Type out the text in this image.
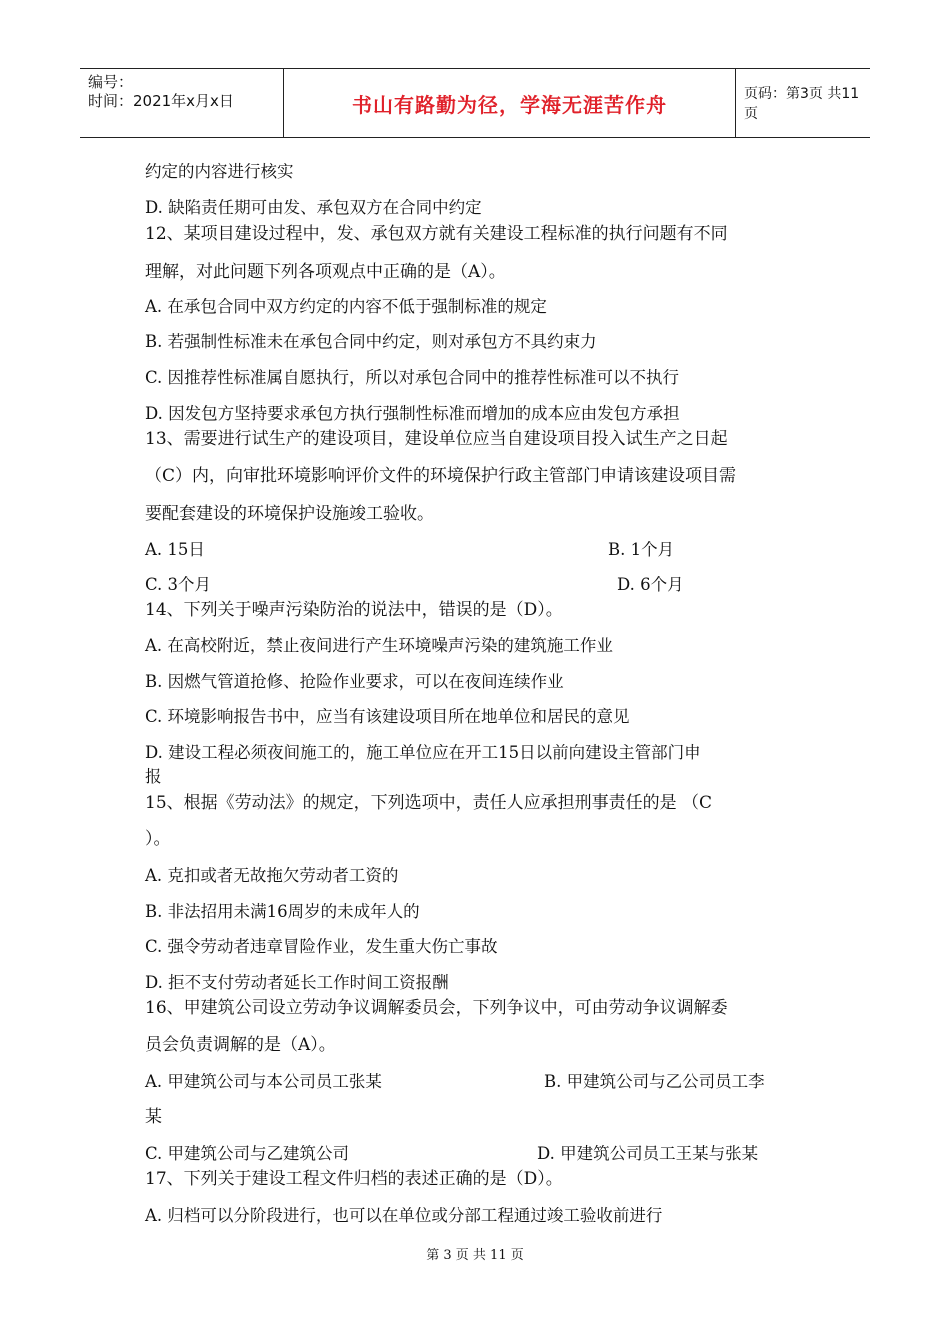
编号：
时间：2021年x月x日	书山有路勤为径，学海无涯苦作舟	页码：第3页 共11页
约定的内容进行核实
D. 缺陷责任期可由发、承包双方在合同中约定
12、某项目建设过程中，发、承包双方就有关建设工程标准的执行问题有不同
理解，对此问题下列各项观点中正确的是（A）。
A. 在承包合同中双方约定的内容不低于强制标准的规定
B. 若强制性标准未在承包合同中约定，则对承包方不具约束力
C. 因推荐性标准属自愿执行，所以对承包合同中的推荐性标准可以不执行
D. 因发包方坚持要求承包方执行强制性标准而增加的成本应由发包方承担
13、需要进行试生产的建设项目，建设单位应当自建设项目投入试生产之日起
（C）内，向审批环境影响评价文件的环境保护行政主管部门申请该建设项目需
要配套建设的环境保护设施竣工验收。
A. 15日	B. 1个月
C. 3个月	D. 6个月
14、下列关于噪声污染防治的说法中，错误的是（D）。
A. 在高校附近，禁止夜间进行产生环境噪声污染的建筑施工作业
B. 因燃气管道抢修、抢险作业要求，可以在夜间连续作业
C. 环境影响报告书中，应当有该建设项目所在地单位和居民的意见
D. 建设工程必须夜间施工的，施工单位应在开工15日以前向建设主管部门申
报
15、根据《劳动法》的规定，下列选项中，责任人应承担刑事责任的是 （C
）。
A. 克扣或者无故拖欠劳动者工资的
B. 非法招用未满16周岁的未成年人的
C. 强令劳动者违章冒险作业，发生重大伤亡事故
D. 拒不支付劳动者延长工作时间工资报酬
16、甲建筑公司设立劳动争议调解委员会，下列争议中，可由劳动争议调解委
员会负责调解的是（A）。
A. 甲建筑公司与本公司员工张某	B. 甲建筑公司与乙公司员工李
某
C. 甲建筑公司与乙建筑公司	D. 甲建筑公司员工王某与张某
17、下列关于建设工程文件归档的表述正确的是（D）。
A. 归档可以分阶段进行，也可以在单位或分部工程通过竣工验收前进行
第 3 页 共 11 页
